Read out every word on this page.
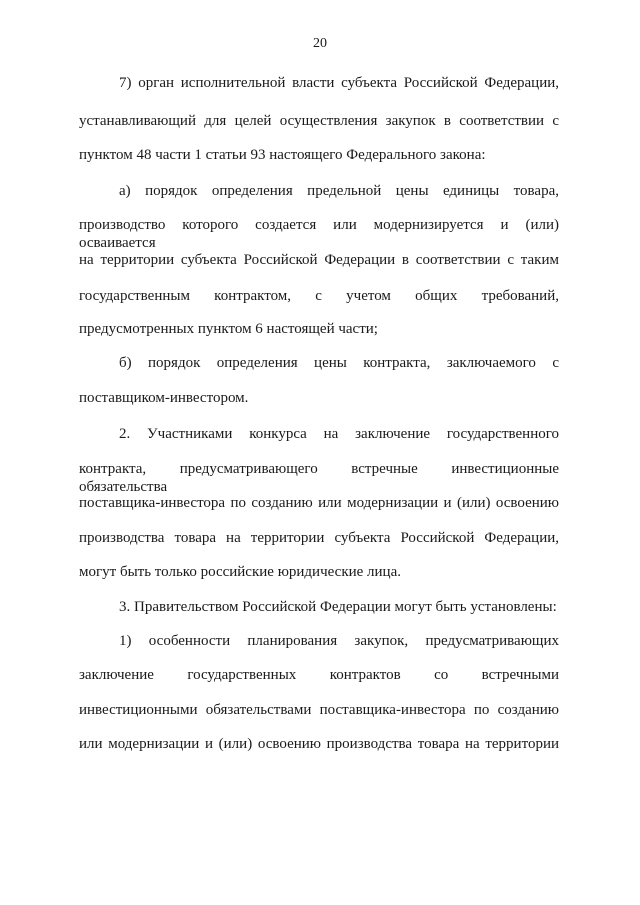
20
7) орган исполнительной власти субъекта Российской Федерации,
устанавливающий для целей осуществления закупок в соответствии с
пунктом 48 части 1 статьи 93 настоящего Федерального закона:
а) порядок определения предельной цены единицы товара,
производство которого создается или модернизируется и (или) осваивается
на территории субъекта Российской Федерации в соответствии с таким
государственным контрактом, с учетом общих требований,
предусмотренных пунктом 6 настоящей части;
б) порядок определения цены контракта, заключаемого с
поставщиком-инвестором.
2. Участниками конкурса на заключение государственного
контракта, предусматривающего встречные инвестиционные обязательства
поставщика-инвестора по созданию или модернизации и (или) освоению
производства товара на территории субъекта Российской Федерации,
могут быть только российские юридические лица.
3. Правительством Российской Федерации могут быть установлены:
1) особенности планирования закупок, предусматривающих
заключение государственных контрактов со встречными
инвестиционными обязательствами поставщика-инвестора по созданию
или модернизации и (или) освоению производства товара на территории
